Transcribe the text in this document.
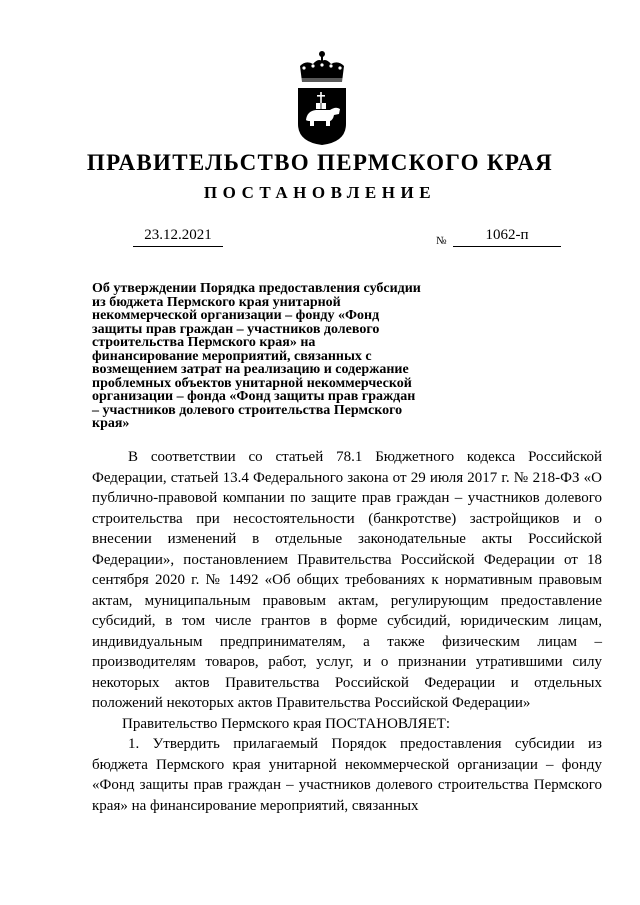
ПРАВИТЕЛЬСТВО ПЕРМСКОГО КРАЯ
ПОСТАНОВЛЕНИЕ
23.12.2021	№	1062-п
Об утверждении Порядка предоставления субсидии из бюджета Пермского края унитарной некоммерческой организации – фонду «Фонд защиты прав граждан – участников долевого строительства Пермского края» на финансирование мероприятий, связанных с возмещением затрат на реализацию и содержание проблемных объектов унитарной некоммерческой организации – фонда «Фонд защиты прав граждан – участников долевого строительства Пермского края»

В соответствии со статьей 78.1 Бюджетного кодекса Российской Федерации, статьей 13.4 Федерального закона от 29 июля 2017 г. № 218-ФЗ «О публично-правовой компании по защите прав граждан – участников долевого строительства при несостоятельности (банкротстве) застройщиков и о внесении изменений в отдельные законодательные акты Российской Федерации», постановлением Правительства Российской Федерации от 18 сентября 2020 г. № 1492 «Об общих требованиях к нормативным правовым актам, муниципальным правовым актам, регулирующим предоставление субсидий, в том числе грантов в форме субсидий, юридическим лицам, индивидуальным предпринимателям, а также физическим лицам – производителям товаров, работ, услуг, и о признании утратившими силу некоторых актов Правительства Российской Федерации и отдельных положений некоторых актов Правительства Российской Федерации»

Правительство Пермского края ПОСТАНОВЛЯЕТ:

1. Утвердить прилагаемый Порядок предоставления субсидии из бюджета Пермского края унитарной некоммерческой организации – фонду «Фонд защиты прав граждан – участников долевого строительства Пермского края» на финансирование мероприятий, связанных
